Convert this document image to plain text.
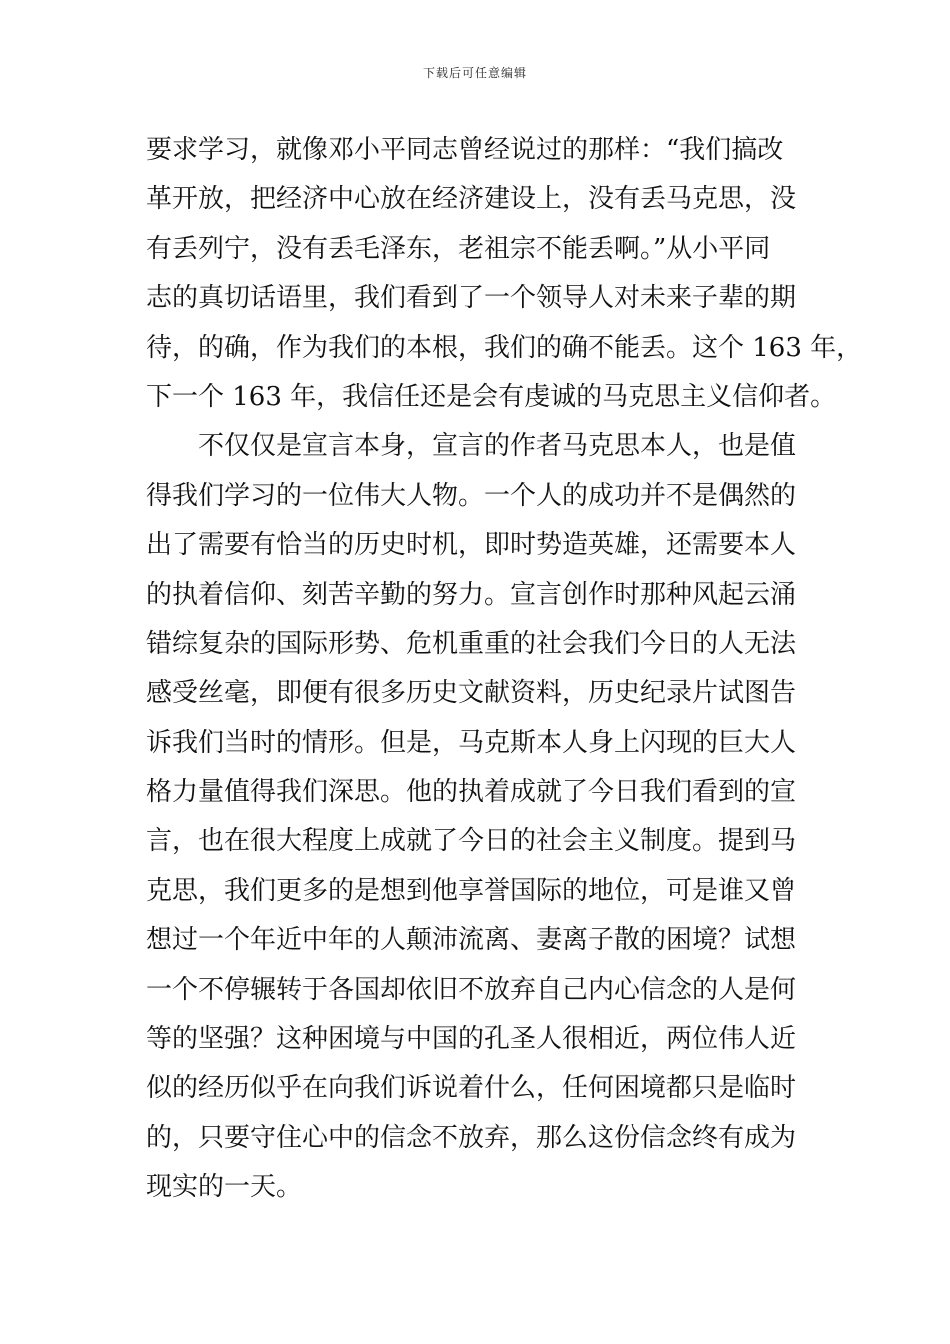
下载后可任意编辑
要求学习，就像邓小平同志曾经说过的那样：“我们搞改
革开放，把经济中心放在经济建设上，没有丢马克思，没
有丢列宁，没有丢毛泽东，老祖宗不能丢啊。”从小平同
志的真切话语里，我们看到了一个领导人对未来子辈的期
待，的确，作为我们的本根，我们的确不能丢。这个 163 年，
下一个 163 年，我信任还是会有虔诚的马克思主义信仰者。
　　不仅仅是宣言本身，宣言的作者马克思本人，也是值
得我们学习的一位伟大人物。一个人的成功并不是偶然的
出了需要有恰当的历史时机，即时势造英雄，还需要本人
的执着信仰、刻苦辛勤的努力。宣言创作时那种风起云涌
错综复杂的国际形势、危机重重的社会我们今日的人无法
感受丝毫，即便有很多历史文献资料，历史纪录片试图告
诉我们当时的情形。但是，马克斯本人身上闪现的巨大人
格力量值得我们深思。他的执着成就了今日我们看到的宣
言，也在很大程度上成就了今日的社会主义制度。提到马
克思，我们更多的是想到他享誉国际的地位，可是谁又曾
想过一个年近中年的人颠沛流离、妻离子散的困境？试想
一个不停辗转于各国却依旧不放弃自己内心信念的人是何
等的坚强？这种困境与中国的孔圣人很相近，两位伟人近
似的经历似乎在向我们诉说着什么，任何困境都只是临时
的，只要守住心中的信念不放弃，那么这份信念终有成为
现实的一天。
